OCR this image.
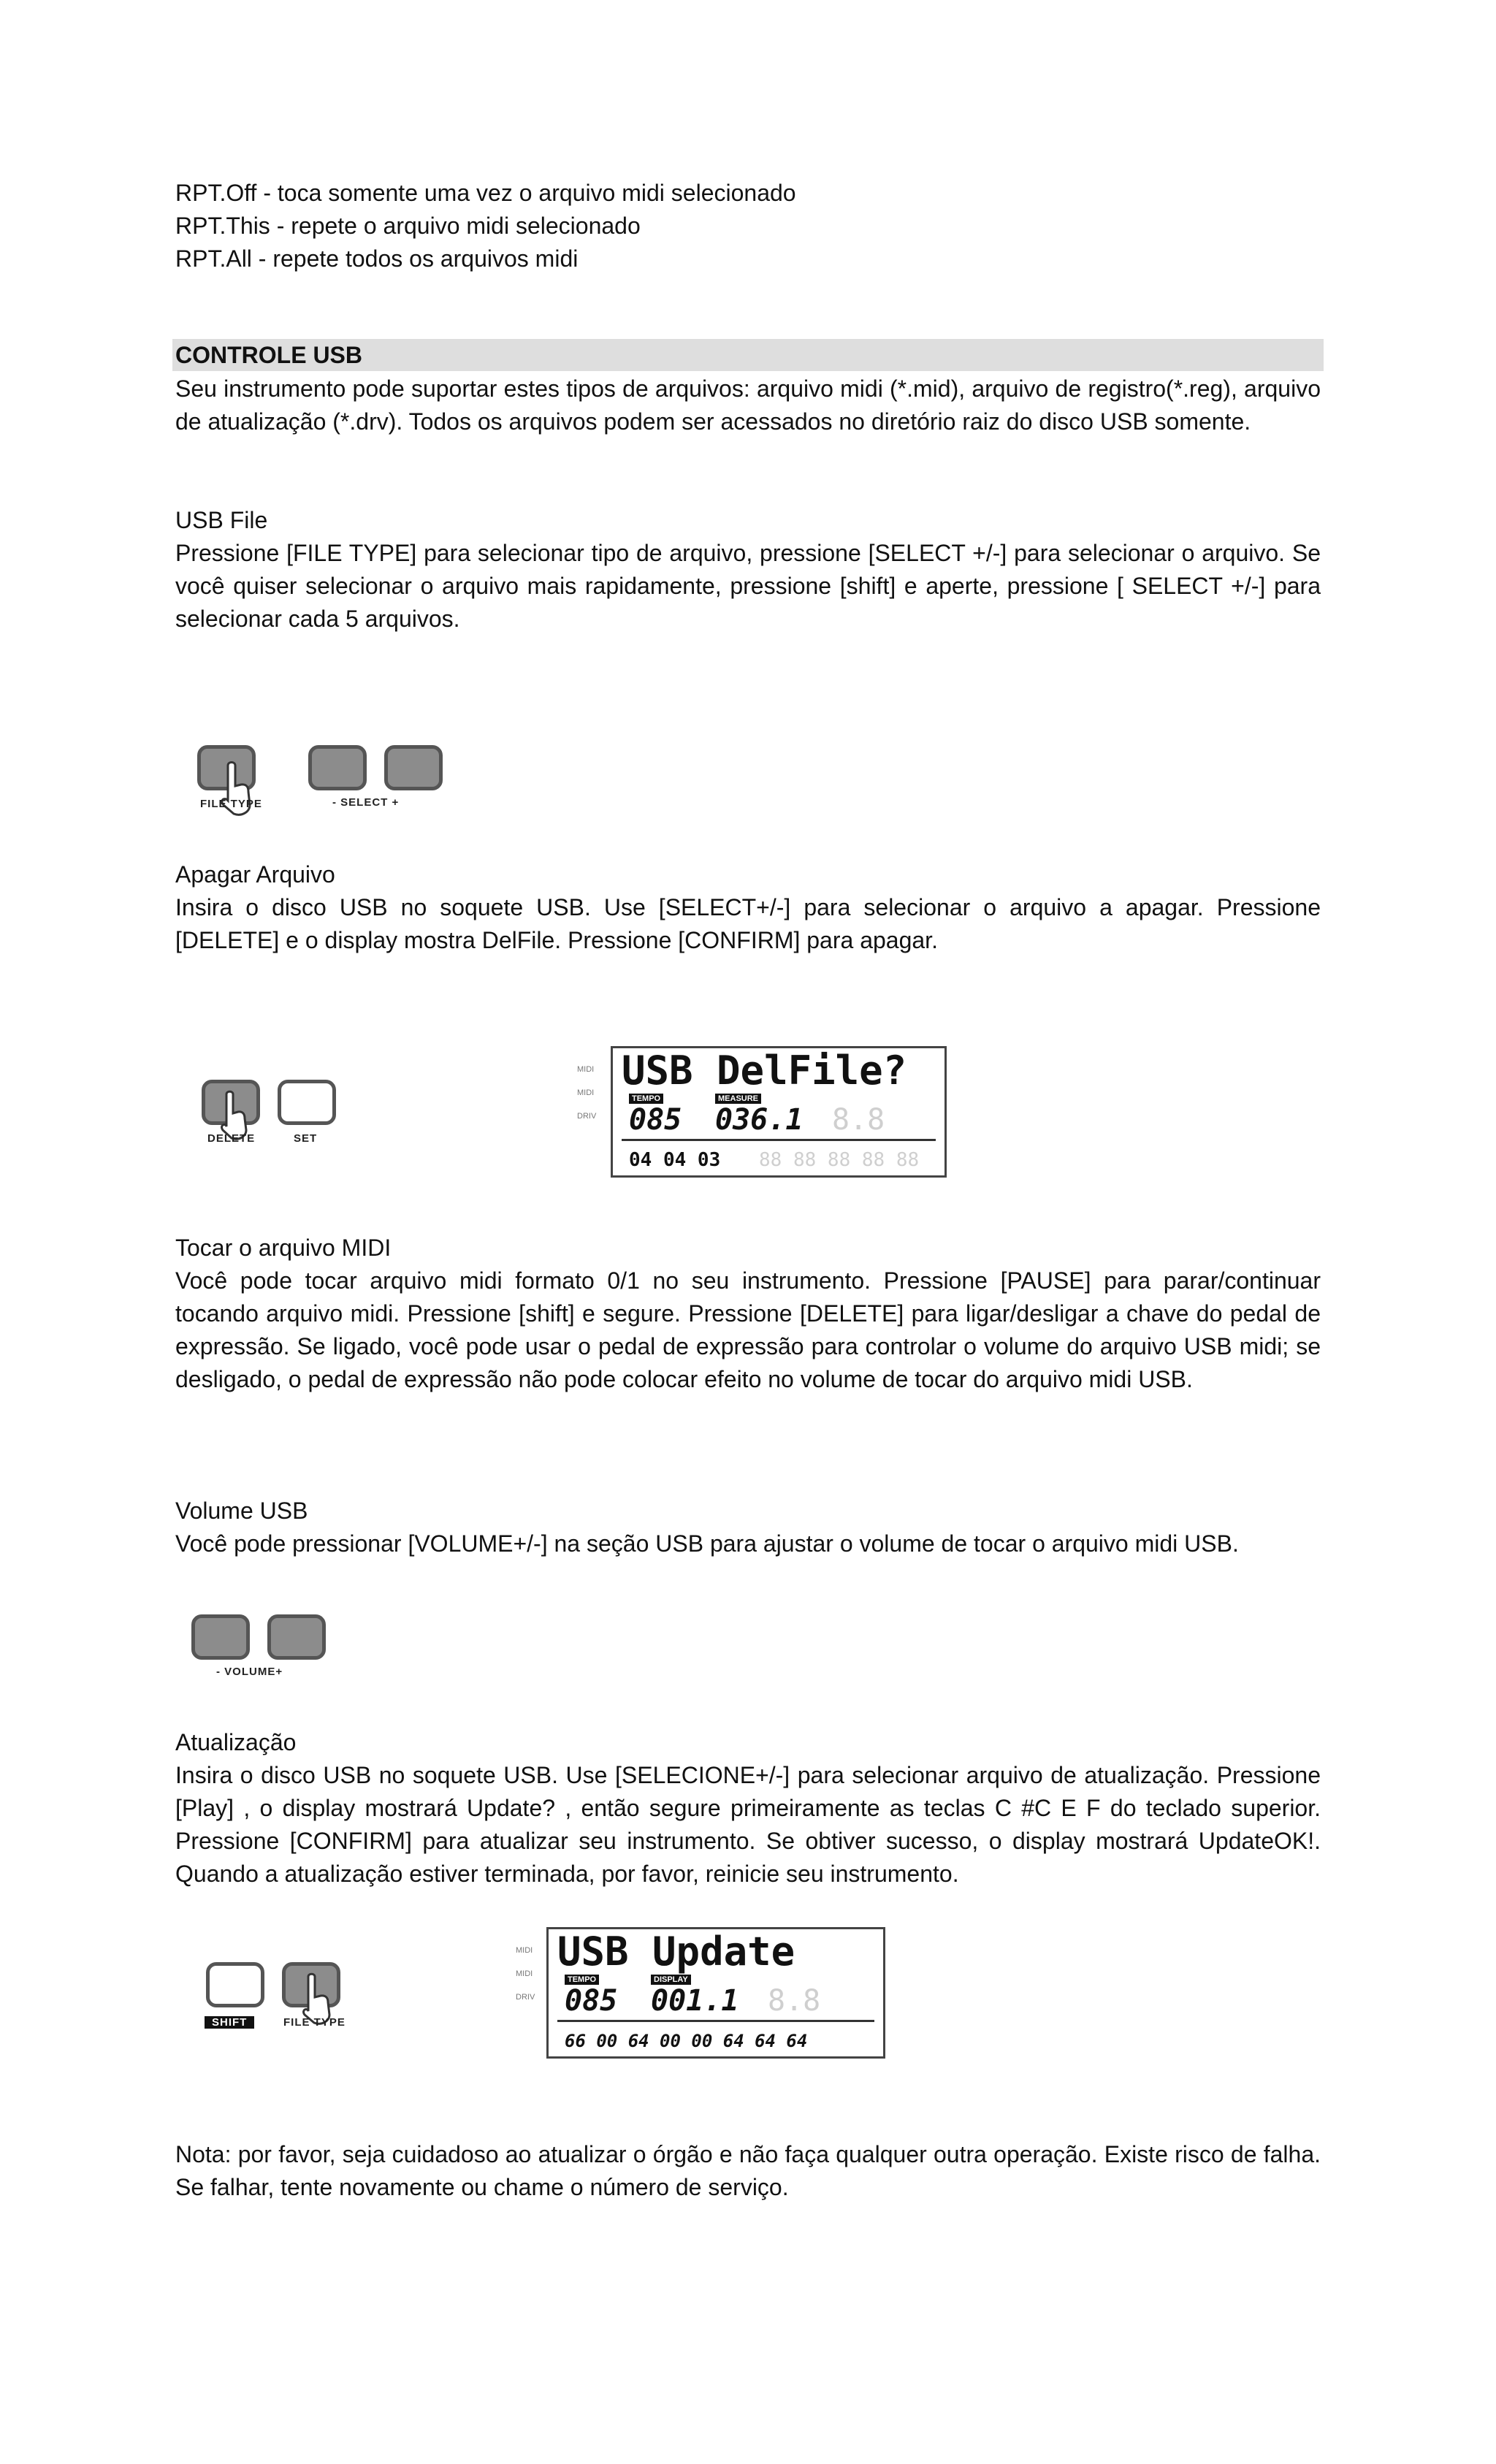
RPT.Off - toca somente uma vez o arquivo midi selecionado

RPT.This - repete o arquivo midi selecionado

RPT.All - repete todos os arquivos midi

CONTROLE USB

Seu instrumento pode suportar estes tipos de arquivos: arquivo midi (*.mid), arquivo de registro(*.reg), arquivo de atualização (*.drv). Todos os arquivos podem ser acessados no diretório raiz do disco USB somente.

USB File

Pressione [FILE TYPE] para selecionar tipo de arquivo, pressione [SELECT +/-] para selecionar o arquivo. Se você quiser selecionar o arquivo mais rapidamente, pressione [shift] e aperte, pressione [ SELECT +/-] para selecionar cada 5 arquivos.

FILE TYPE	- SELECT +

Apagar Arquivo

Insira o disco USB no soquete USB. Use [SELECT+/-] para selecionar o arquivo a apagar. Pressione [DELETE] e o display mostra DelFile. Pressione [CONFIRM] para apagar.

DELETE	SET
MIDI
MIDI
DRIV
USB DelFile?
TEMPO	MEASURE
085 036.1 8.8
04 04 03 88 88 88 88 88

Tocar o arquivo MIDI

Você pode tocar arquivo midi formato 0/1 no seu instrumento. Pressione [PAUSE] para parar/continuar tocando arquivo midi. Pressione [shift] e segure. Pressione [DELETE] para ligar/desligar a chave do pedal de expressão. Se ligado, você pode usar o pedal de expressão para controlar o volume do arquivo USB midi; se desligado, o pedal de expressão não pode colocar efeito no volume de tocar do arquivo midi USB.

Volume USB

Você pode pressionar [VOLUME+/-] na seção USB para ajustar o volume de tocar o arquivo midi USB.

- VOLUME+

Atualização

Insira o disco USB no soquete USB. Use [SELECIONE+/-] para selecionar arquivo de atualização. Pressione [Play] , o display mostrará Update? , então segure primeiramente as teclas C #C E F do teclado superior. Pressione [CONFIRM] para atualizar seu instrumento. Se obtiver sucesso, o display mostrará UpdateOK!. Quando a atualização estiver terminada, por favor, reinicie seu instrumento.

SHIFT	FILE TYPE
MIDI
MIDI
DRIV
USB Update
TEMPO	DISPLAY
085 001.1 8.8
66 00 64 00 00 64 64 64

Nota: por favor, seja cuidadoso ao atualizar o órgão e não faça qualquer outra operação. Existe risco de falha. Se falhar, tente novamente ou chame o número de serviço.
